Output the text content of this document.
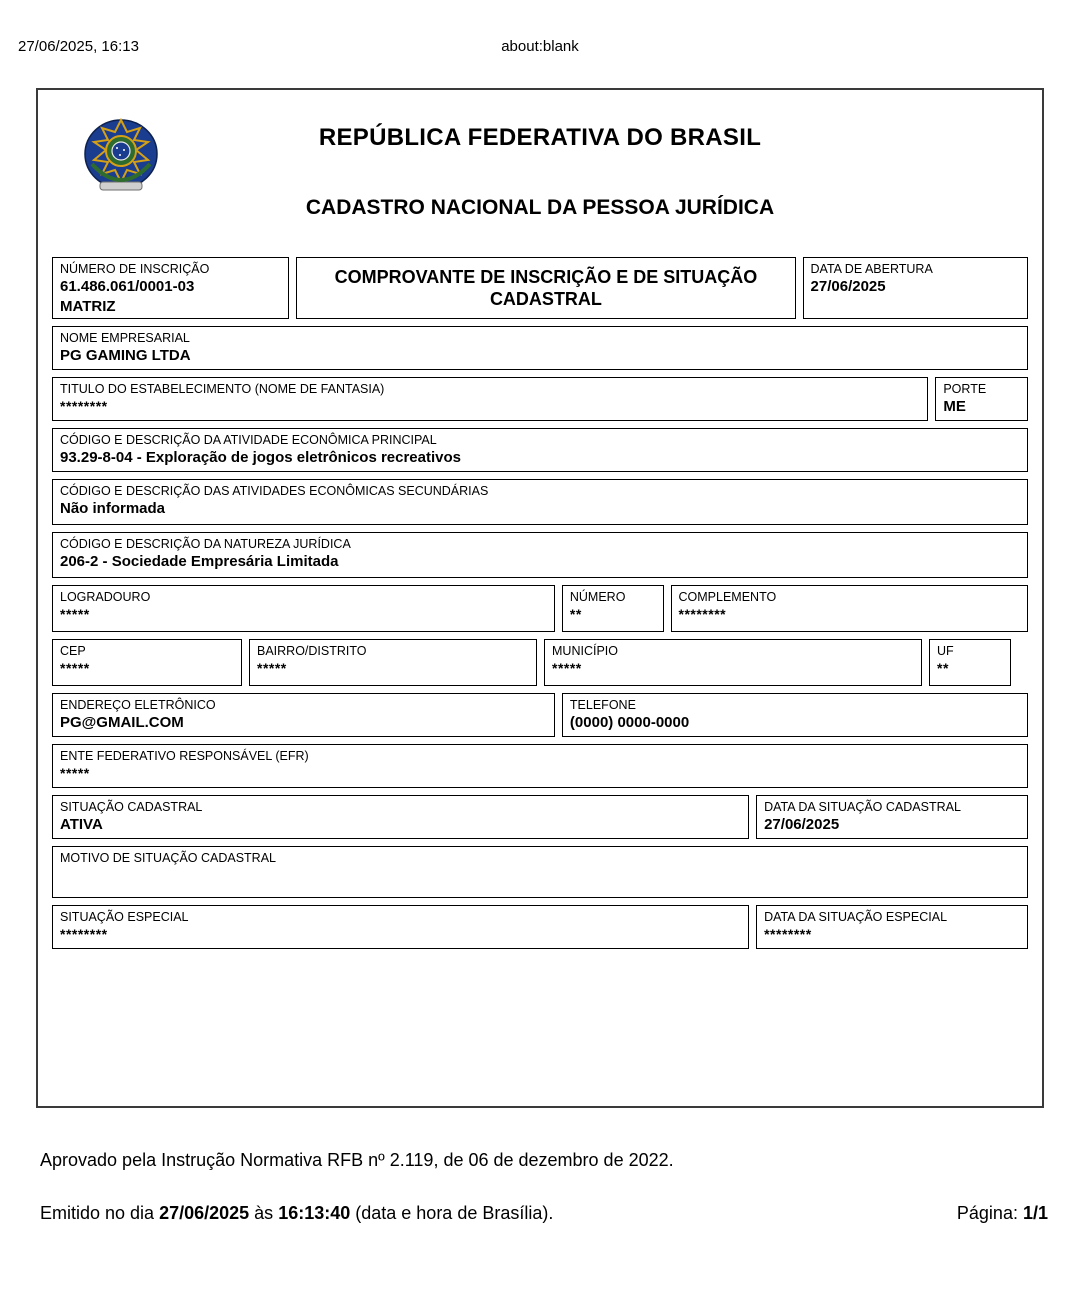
27/06/2025, 16:13	about:blank
REPÚBLICA FEDERATIVA DO BRASIL
CADASTRO NACIONAL DA PESSOA JURÍDICA
NÚMERO DE INSCRIÇÃO
61.486.061/0001-03
MATRIZ
COMPROVANTE DE INSCRIÇÃO E DE SITUAÇÃO CADASTRAL
DATA DE ABERTURA
27/06/2025
NOME EMPRESARIAL
PG GAMING LTDA
TITULO DO ESTABELECIMENTO (NOME DE FANTASIA)
********
PORTE
ME
CÓDIGO E DESCRIÇÃO DA ATIVIDADE ECONÔMICA PRINCIPAL
93.29-8-04 - Exploração de jogos eletrônicos recreativos
CÓDIGO E DESCRIÇÃO DAS ATIVIDADES ECONÔMICAS SECUNDÁRIAS
Não informada
CÓDIGO E DESCRIÇÃO DA NATUREZA JURÍDICA
206-2 - Sociedade Empresária Limitada
LOGRADOURO
*****
NÚMERO
**
COMPLEMENTO
********
CEP
*****
BAIRRO/DISTRITO
*****
MUNICÍPIO
*****
UF
**
ENDEREÇO ELETRÔNICO
PG@GMAIL.COM
TELEFONE
(0000) 0000-0000
ENTE FEDERATIVO RESPONSÁVEL (EFR)
*****
SITUAÇÃO CADASTRAL
ATIVA
DATA DA SITUAÇÃO CADASTRAL
27/06/2025
MOTIVO DE SITUAÇÃO CADASTRAL
SITUAÇÃO ESPECIAL
********
DATA DA SITUAÇÃO ESPECIAL
********
Aprovado pela Instrução Normativa RFB nº 2.119, de 06 de dezembro de 2022.
Emitido no dia 27/06/2025 às 16:13:40 (data e hora de Brasília).	Página: 1/1
